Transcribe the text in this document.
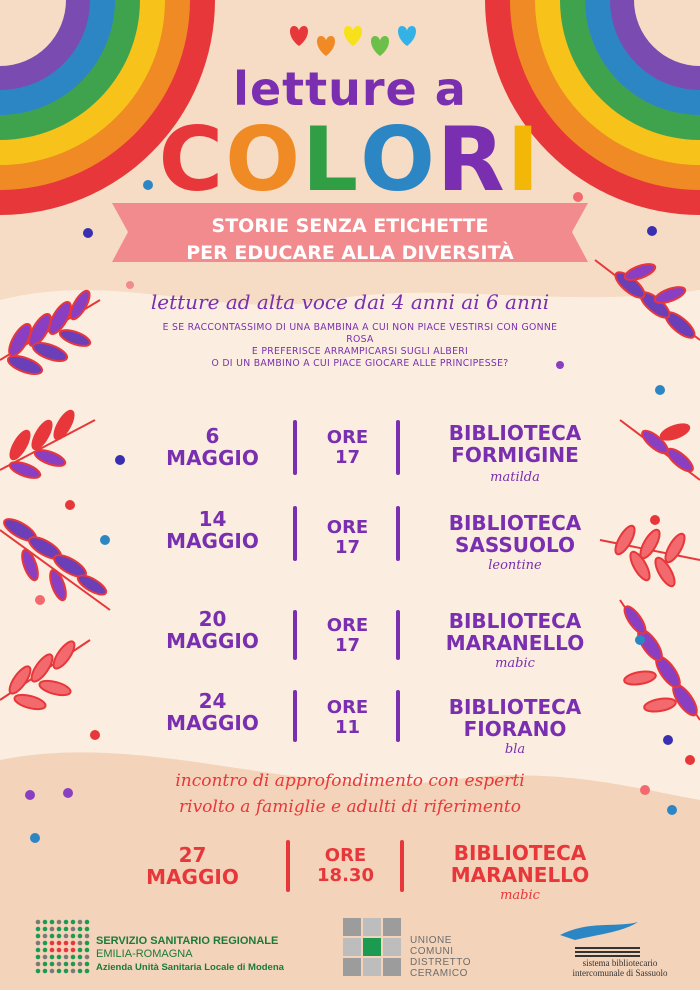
letture a
COLORI
STORIE SENZA ETICHETTE
PER EDUCARE ALLA DIVERSITÀ
letture ad alta voce dai 4 anni ai 6 anni
E SE RACCONTASSIMO DI UNA BAMBINA A CUI NON PIACE VESTIRSI CON GONNE ROSA
E PREFERISCE ARRAMPICARSI SUGLI ALBERI
O DI UN BAMBINO A CUI PIACE GIOCARE ALLE PRINCIPESSE?
6
MAGGIO
ORE
17
BIBLIOTECA
FORMIGINE
matilda
14
MAGGIO
ORE
17
BIBLIOTECA
SASSUOLO
leontine
20
MAGGIO
ORE
17
BIBLIOTECA
MARANELLO
mabic
24
MAGGIO
ORE
11
BIBLIOTECA
FIORANO
bla
incontro di approfondimento con esperti
rivolto a famiglie e adulti di riferimento
27
MAGGIO
ORE
18.30
BIBLIOTECA
MARANELLO
mabic
SERVIZIO SANITARIO REGIONALE
EMILIA-ROMAGNA
Azienda Unità Sanitaria Locale di Modena
UNIONE
COMUNI
DISTRETTO
CERAMICO
sistema bibliotecario
intercomunale di Sassuolo
